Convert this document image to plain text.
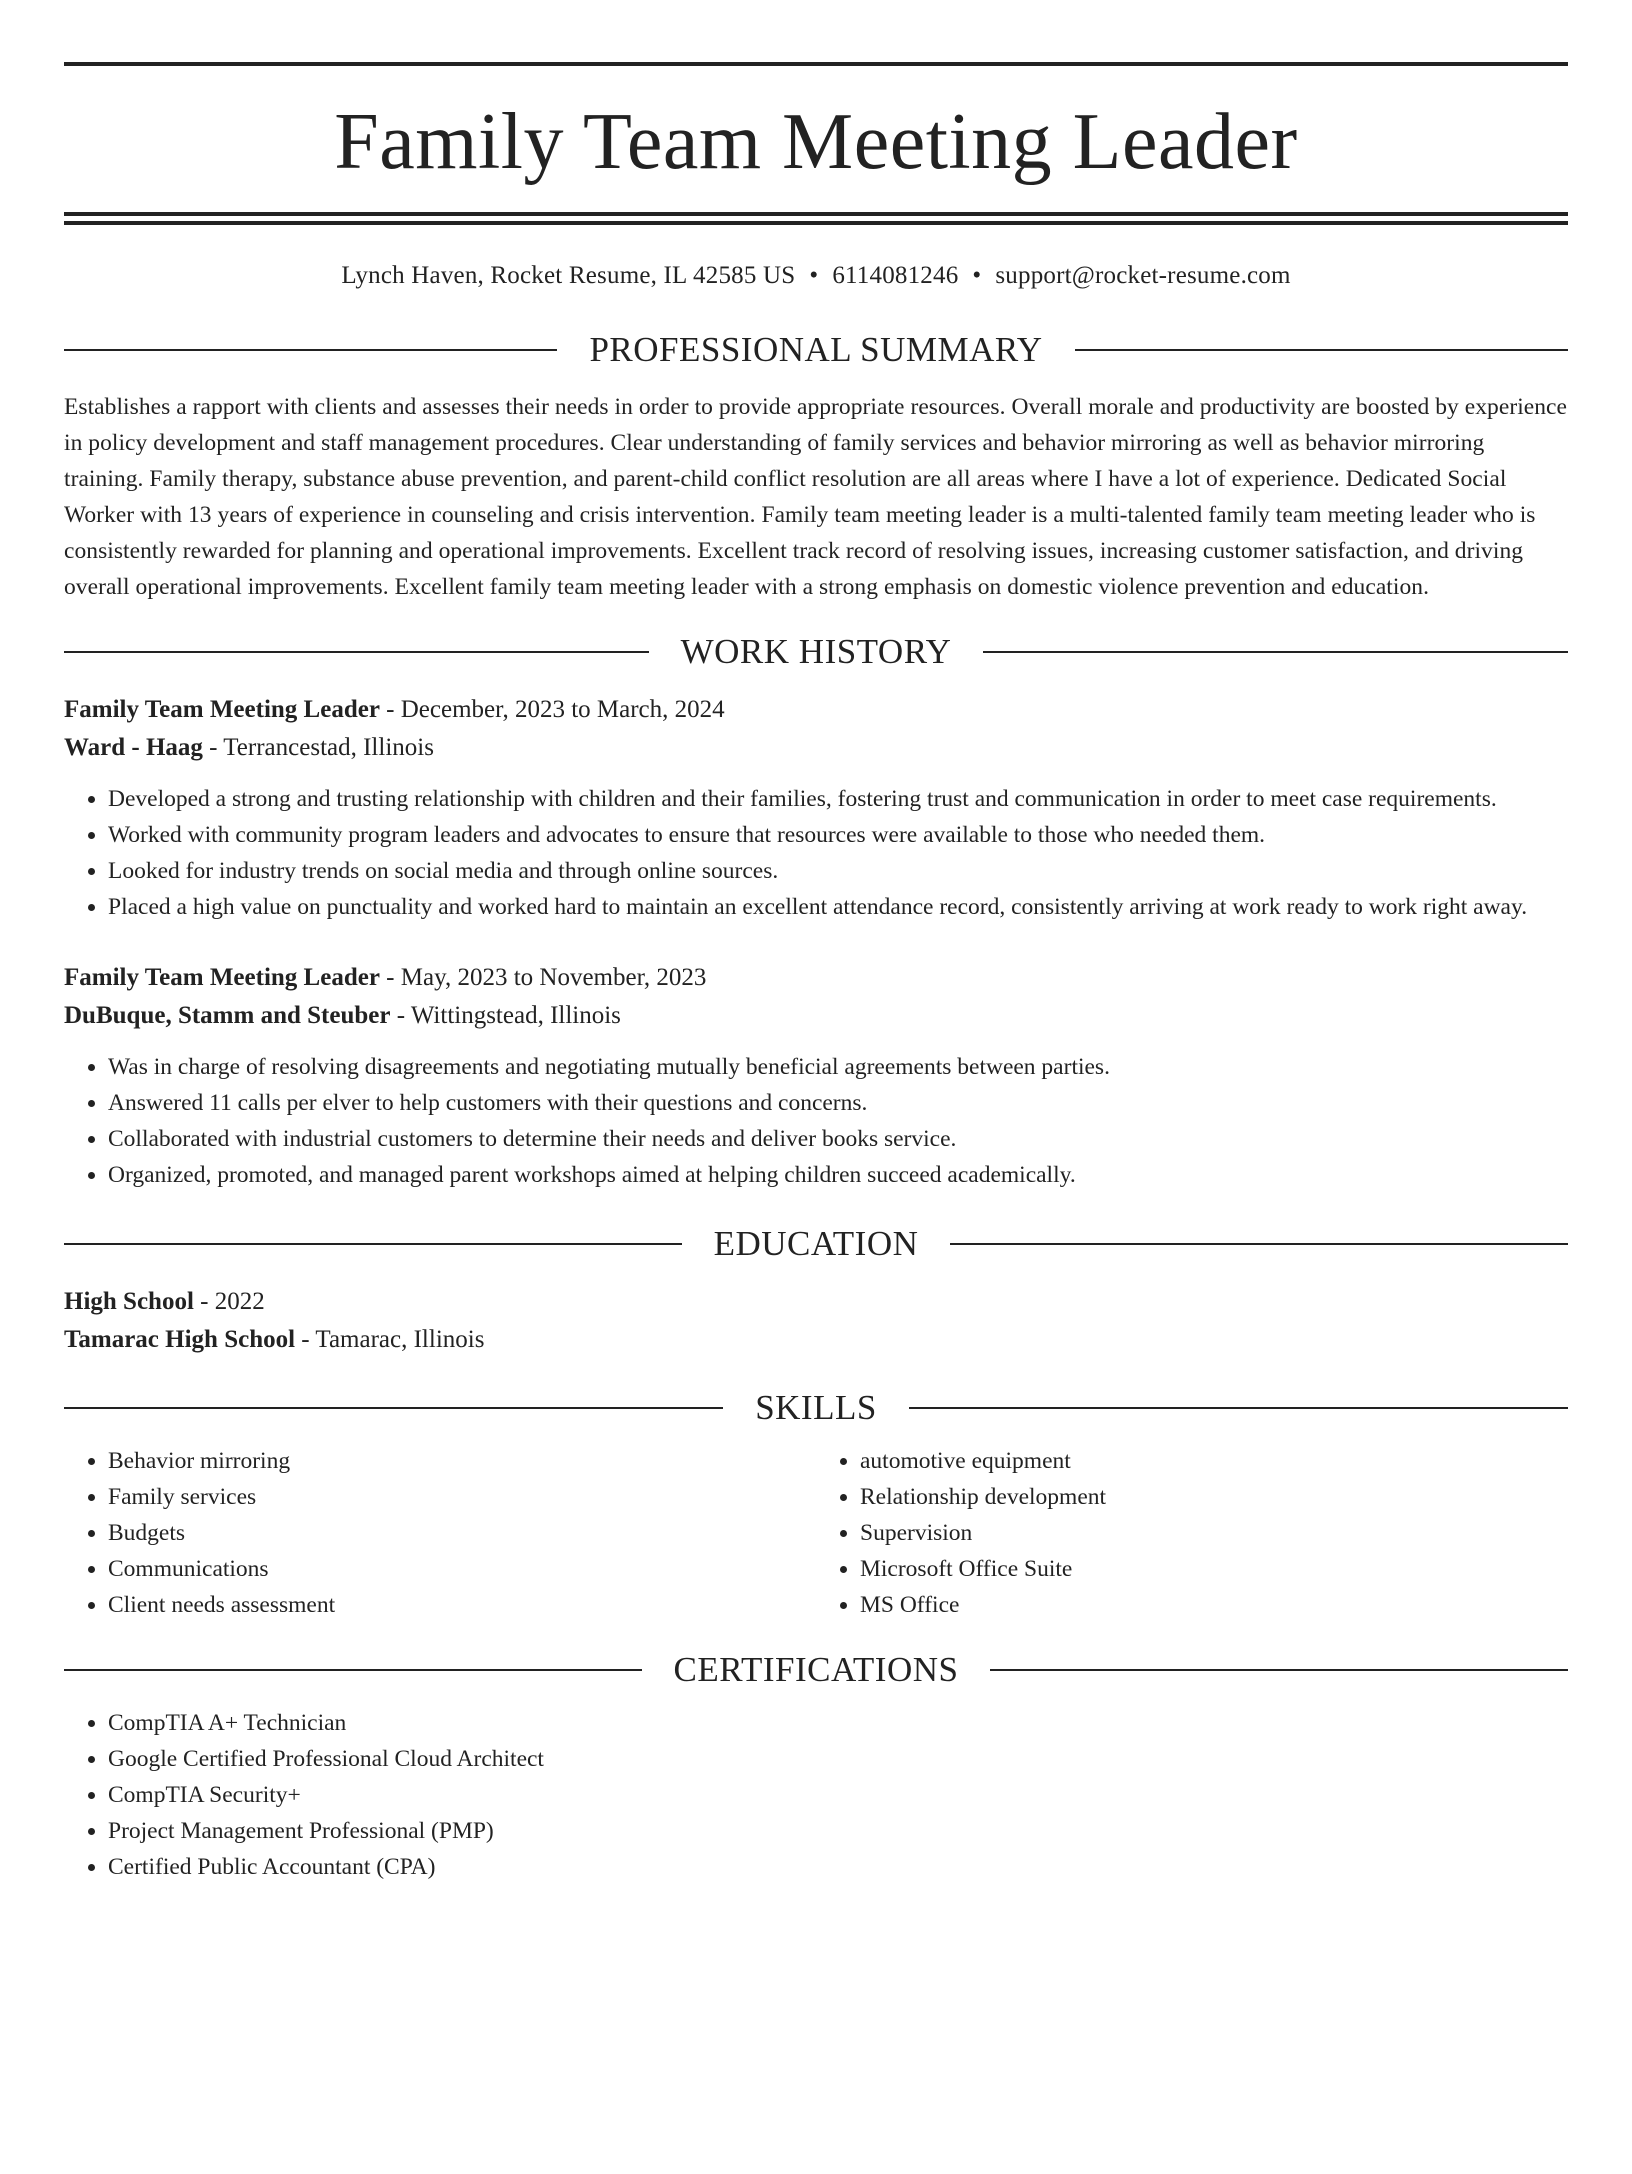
Family Team Meeting Leader
Lynch Haven, Rocket Resume, IL 42585 US • 6114081246 • support@rocket-resume.com
PROFESSIONAL SUMMARY
Establishes a rapport with clients and assesses their needs in order to provide appropriate resources. Overall morale and productivity are boosted by experience in policy development and staff management procedures. Clear understanding of family services and behavior mirroring as well as behavior mirroring training. Family therapy, substance abuse prevention, and parent-child conflict resolution are all areas where I have a lot of experience. Dedicated Social Worker with 13 years of experience in counseling and crisis intervention. Family team meeting leader is a multi-talented family team meeting leader who is consistently rewarded for planning and operational improvements. Excellent track record of resolving issues, increasing customer satisfaction, and driving overall operational improvements. Excellent family team meeting leader with a strong emphasis on domestic violence prevention and education.
WORK HISTORY
Family Team Meeting Leader - December, 2023 to March, 2024
Ward - Haag - Terrancestad, Illinois
• Developed a strong and trusting relationship with children and their families, fostering trust and communication in order to meet case requirements.
• Worked with community program leaders and advocates to ensure that resources were available to those who needed them.
• Looked for industry trends on social media and through online sources.
• Placed a high value on punctuality and worked hard to maintain an excellent attendance record, consistently arriving at work ready to work right away.
Family Team Meeting Leader - May, 2023 to November, 2023
DuBuque, Stamm and Steuber - Wittingstead, Illinois
• Was in charge of resolving disagreements and negotiating mutually beneficial agreements between parties.
• Answered 11 calls per elver to help customers with their questions and concerns.
• Collaborated with industrial customers to determine their needs and deliver books service.
• Organized, promoted, and managed parent workshops aimed at helping children succeed academically.
EDUCATION
High School - 2022
Tamarac High School - Tamarac, Illinois
SKILLS
• Behavior mirroring
• Family services
• Budgets
• Communications
• Client needs assessment
• automotive equipment
• Relationship development
• Supervision
• Microsoft Office Suite
• MS Office
CERTIFICATIONS
• CompTIA A+ Technician
• Google Certified Professional Cloud Architect
• CompTIA Security+
• Project Management Professional (PMP)
• Certified Public Accountant (CPA)
